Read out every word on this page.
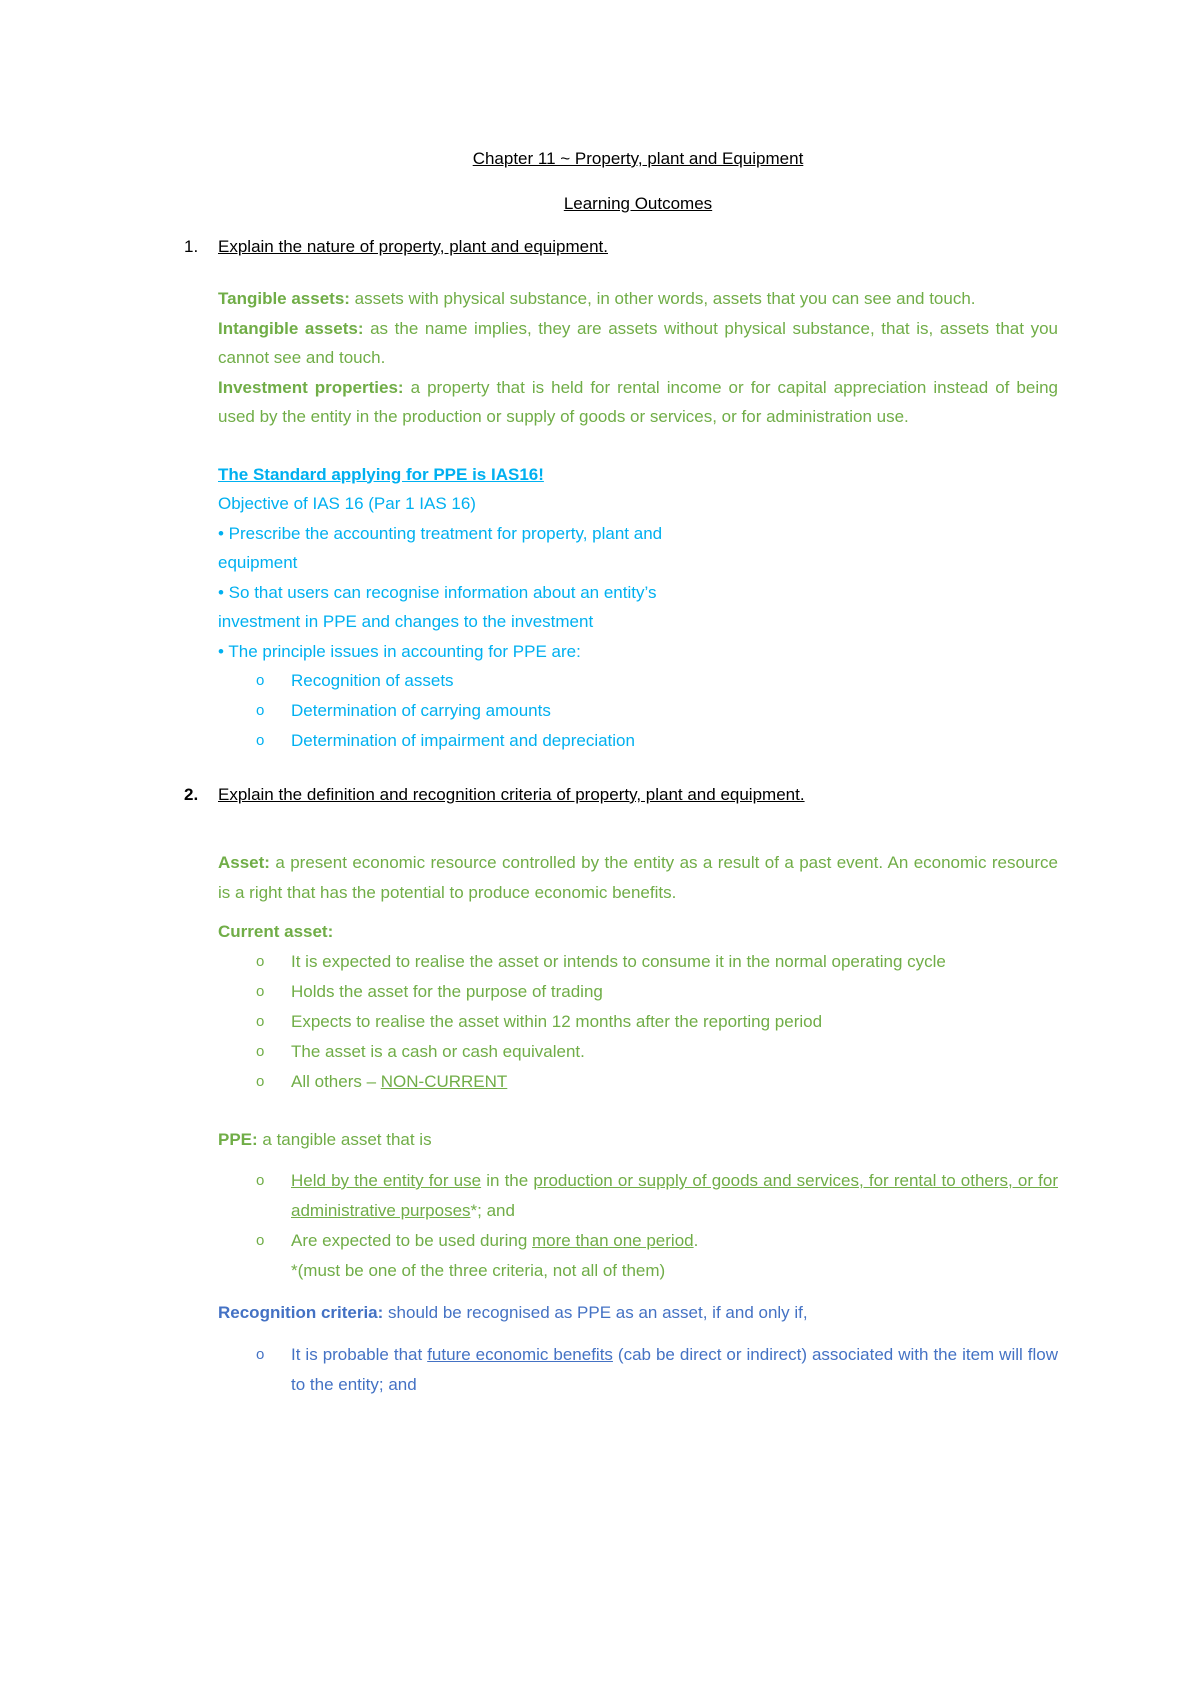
Chapter 11 ~ Property, plant and Equipment
Learning Outcomes
1.	Explain the nature of property, plant and equipment.
Tangible assets: assets with physical substance, in other words, assets that you can see and touch.
Intangible assets: as the name implies, they are assets without physical substance, that is, assets that you cannot see and touch.
Investment properties: a property that is held for rental income or for capital appreciation instead of being used by the entity in the production or supply of goods or services, or for administration use.
The Standard applying for PPE is IAS16!
Objective of IAS 16 (Par 1 IAS 16)
• Prescribe the accounting treatment for property, plant and
equipment
• So that users can recognise information about an entity’s
investment in PPE and changes to the investment
• The principle issues in accounting for PPE are:
o Recognition of assets
o Determination of carrying amounts
o Determination of impairment and depreciation
2.	Explain the definition and recognition criteria of property, plant and equipment.
Asset: a present economic resource controlled by the entity as a result of a past event. An economic resource is a right that has the potential to produce economic benefits.
Current asset:
o It is expected to realise the asset or intends to consume it in the normal operating cycle
o Holds the asset for the purpose of trading
o Expects to realise the asset within 12 months after the reporting period
o The asset is a cash or cash equivalent.
o All others – NON-CURRENT
PPE: a tangible asset that is
o Held by the entity for use in the production or supply of goods and services, for rental to others, or for administrative purposes*; and
o Are expected to be used during more than one period.
*(must be one of the three criteria, not all of them)
Recognition criteria: should be recognised as PPE as an asset, if and only if,
o It is probable that future economic benefits (cab be direct or indirect) associated with the item will flow to the entity; and
